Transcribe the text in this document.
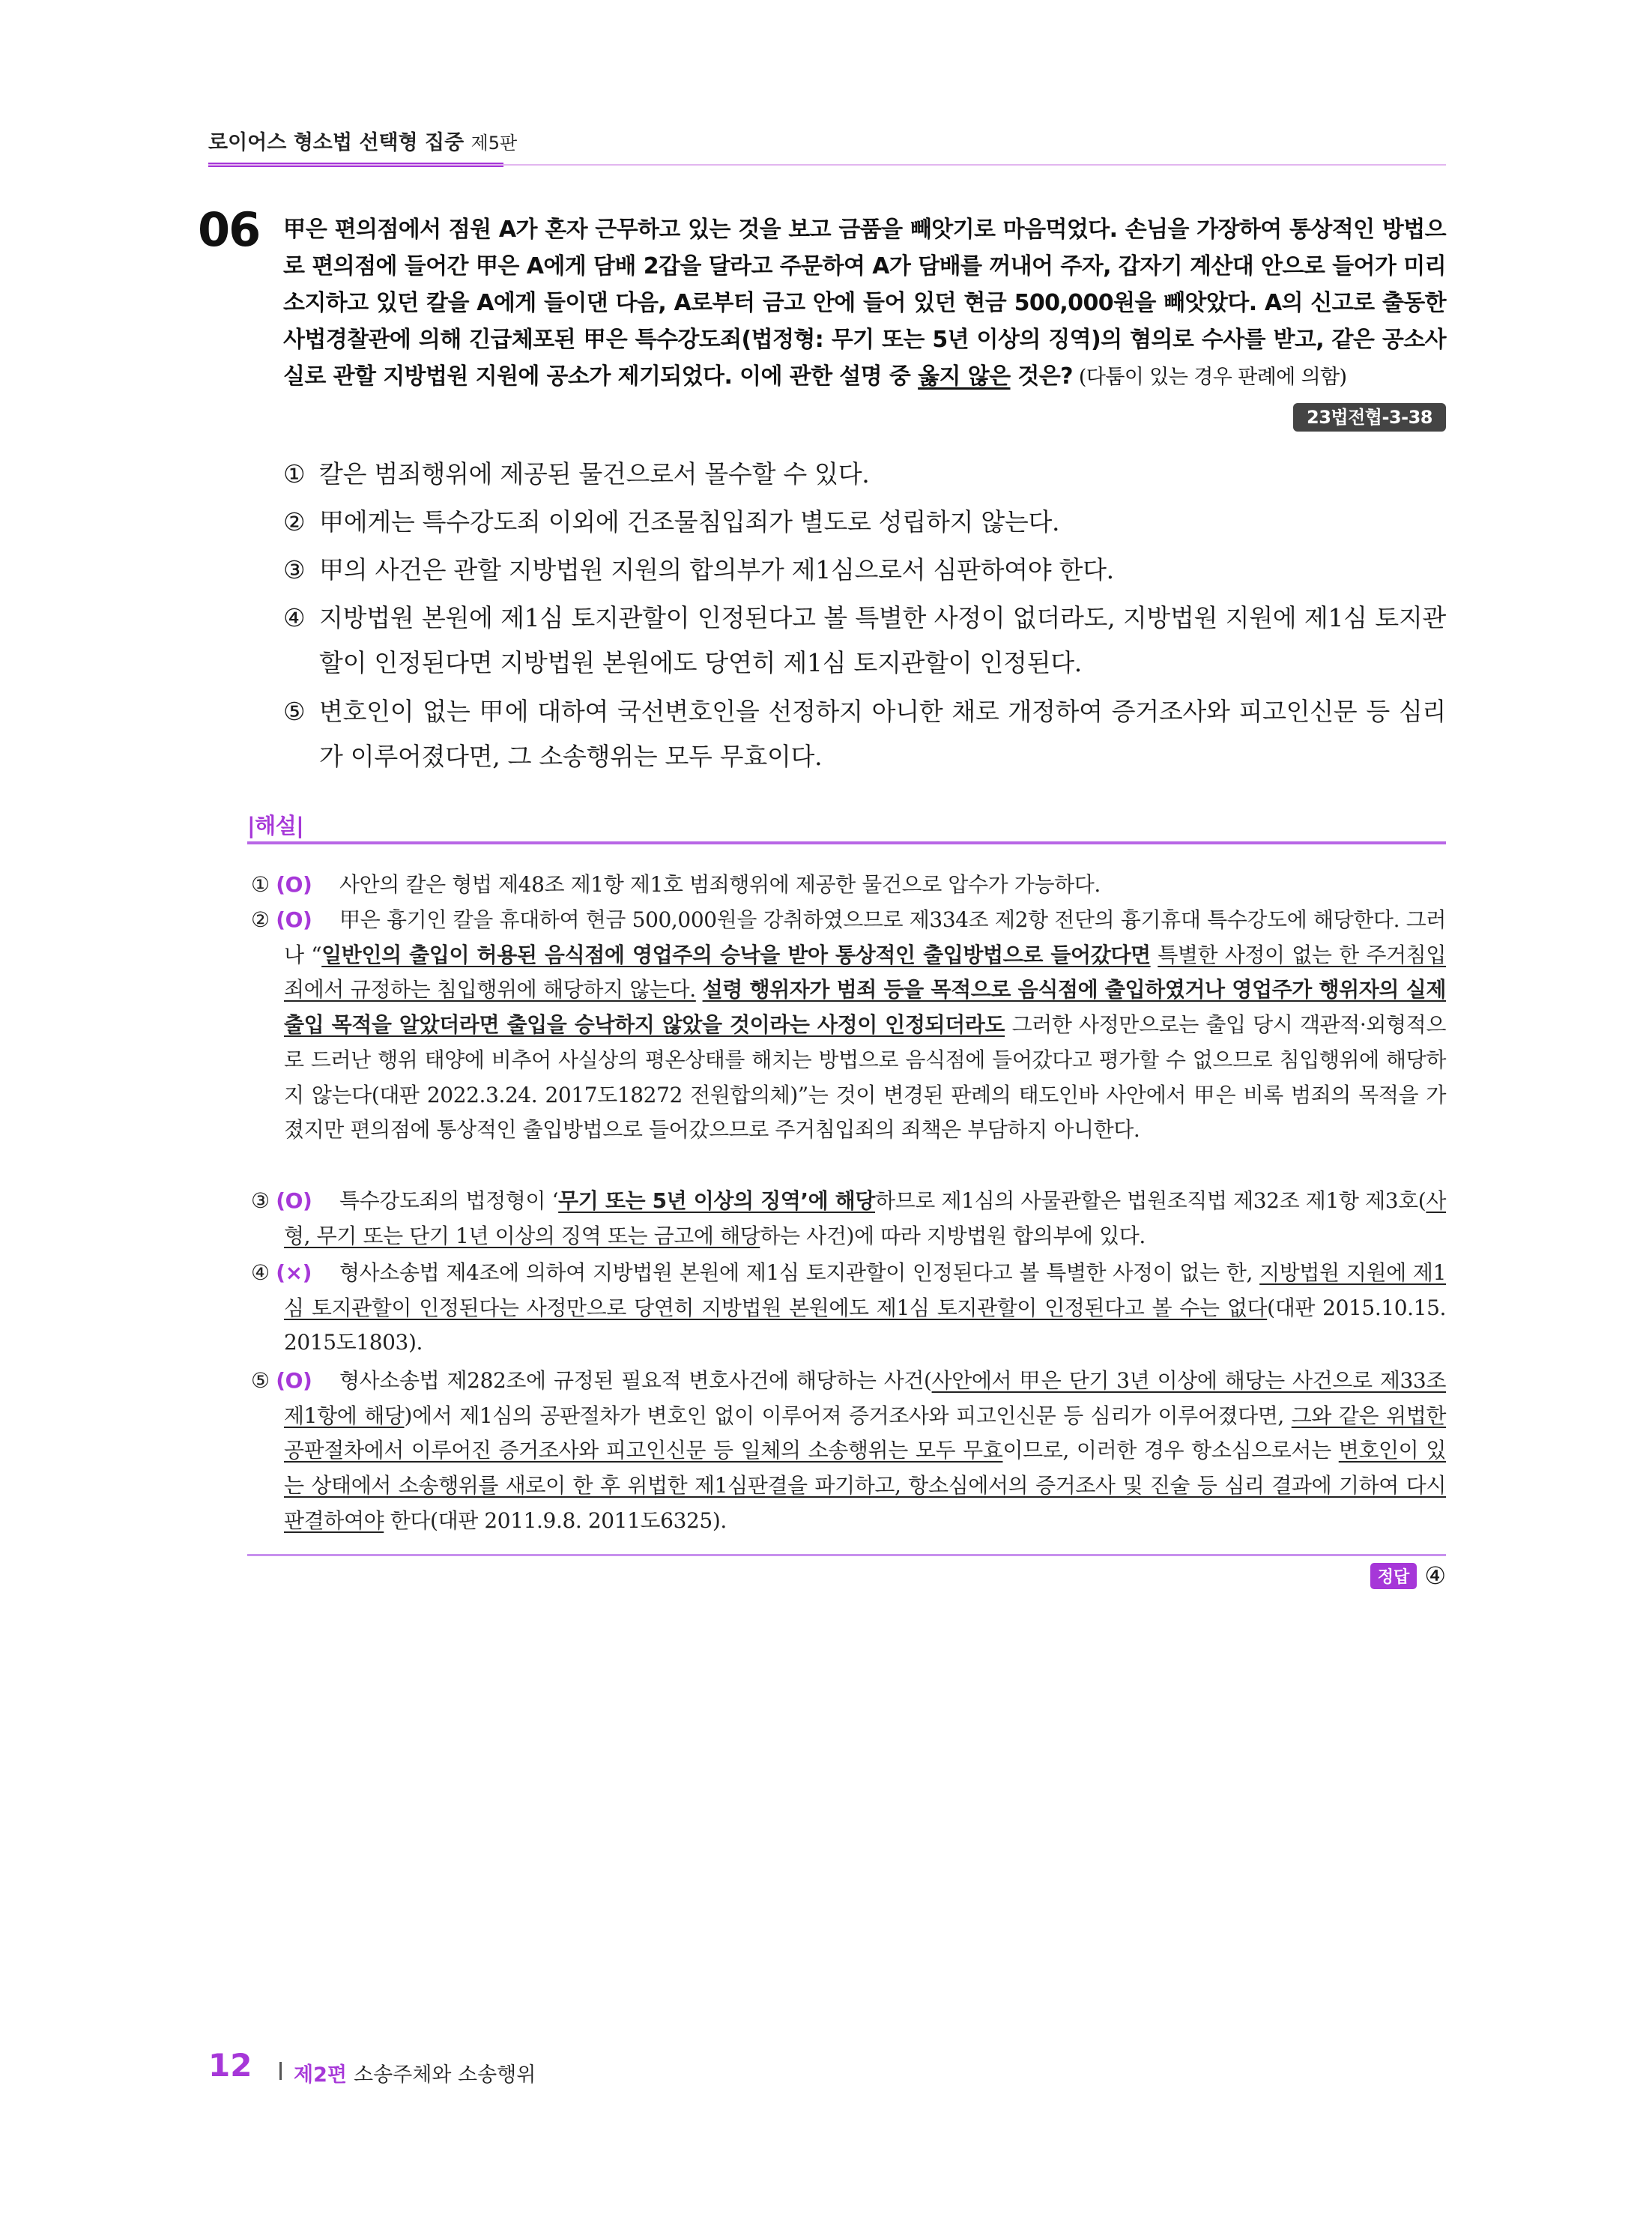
로이어스 형소법 선택형 집중 제5판
06 甲은 편의점에서 점원 A가 혼자 근무하고 있는 것을 보고 금품을 빼앗기로 마음먹었다. 손님을 가장하여 통상적인 방법으로 편의점에 들어간 甲은 A에게 담배 2갑을 달라고 주문하여 A가 담배를 꺼내어 주자, 갑자기 계산대 안으로 들어가 미리 소지하고 있던 칼을 A에게 들이댄 다음, A로부터 금고 안에 들어 있던 현금 500,000원을 빼앗았다. A의 신고로 출동한 사법경찰관에 의해 긴급체포된 甲은 특수강도죄(법정형: 무기 또는 5년 이상의 징역)의 혐의로 수사를 받고, 같은 공소사실로 관할 지방법원 지원에 공소가 제기되었다. 이에 관한 설명 중 옳지 않은 것은? (다툼이 있는 경우 판례에 의함)
23법전협-3-38
① 칼은 범죄행위에 제공된 물건으로서 몰수할 수 있다.
② 甲에게는 특수강도죄 이외에 건조물침입죄가 별도로 성립하지 않는다.
③ 甲의 사건은 관할 지방법원 지원의 합의부가 제1심으로서 심판하여야 한다.
④ 지방법원 본원에 제1심 토지관할이 인정된다고 볼 특별한 사정이 없더라도, 지방법원 지원에 제1심 토지관할이 인정된다면 지방법원 본원에도 당연히 제1심 토지관할이 인정된다.
⑤ 변호인이 없는 甲에 대하여 국선변호인을 선정하지 아니한 채로 개정하여 증거조사와 피고인신문 등 심리가 이루어졌다면, 그 소송행위는 모두 무효이다.
|해설|
① (O)	사안의 칼은 형법 제48조 제1항 제1호 범죄행위에 제공한 물건으로 압수가 가능하다.
② (O)	甲은 흉기인 칼을 휴대하여 현금 500,000원을 강취하였으므로 제334조 제2항 전단의 흉기휴대 특수강도에 해당한다. 그러나 “일반인의 출입이 허용된 음식점에 영업주의 승낙을 받아 통상적인 출입방법으로 들어갔다면 특별한 사정이 없는 한 주거침입죄에서 규정하는 침입행위에 해당하지 않는다. 설령 행위자가 범죄 등을 목적으로 음식점에 출입하였거나 영업주가 행위자의 실제 출입 목적을 알았더라면 출입을 승낙하지 않았을 것이라는 사정이 인정되더라도 그러한 사정만으로는 출입 당시 객관적·외형적으로 드러난 행위 태양에 비추어 사실상의 평온상태를 해치는 방법으로 음식점에 들어갔다고 평가할 수 없으므로 침입행위에 해당하지 않는다(대판 2022.3.24. 2017도18272 전원합의체)”는 것이 변경된 판례의 태도인바 사안에서 甲은 비록 범죄의 목적을 가졌지만 편의점에 통상적인 출입방법으로 들어갔으므로 주거침입죄의 죄책은 부담하지 아니한다.
③ (O)	특수강도죄의 법정형이 ‘무기 또는 5년 이상의 징역’에 해당하므로 제1심의 사물관할은 법원조직법 제32조 제1항 제3호(사형, 무기 또는 단기 1년 이상의 징역 또는 금고에 해당하는 사건)에 따라 지방법원 합의부에 있다.
④ (×)	형사소송법 제4조에 의하여 지방법원 본원에 제1심 토지관할이 인정된다고 볼 특별한 사정이 없는 한, 지방법원 지원에 제1심 토지관할이 인정된다는 사정만으로 당연히 지방법원 본원에도 제1심 토지관할이 인정된다고 볼 수는 없다(대판 2015.10.15. 2015도1803).
⑤ (O)	형사소송법 제282조에 규정된 필요적 변호사건에 해당하는 사건(사안에서 甲은 단기 3년 이상에 해당는 사건으로 제33조 제1항에 해당)에서 제1심의 공판절차가 변호인 없이 이루어져 증거조사와 피고인신문 등 심리가 이루어졌다면, 그와 같은 위법한 공판절차에서 이루어진 증거조사와 피고인신문 등 일체의 소송행위는 모두 무효이므로, 이러한 경우 항소심으로서는 변호인이 있는 상태에서 소송행위를 새로이 한 후 위법한 제1심판결을 파기하고, 항소심에서의 증거조사 및 진술 등 심리 결과에 기하여 다시 판결하여야 한다(대판 2011.9.8. 2011도6325).
정답 ④
12 제2편 소송주체와 소송행위
